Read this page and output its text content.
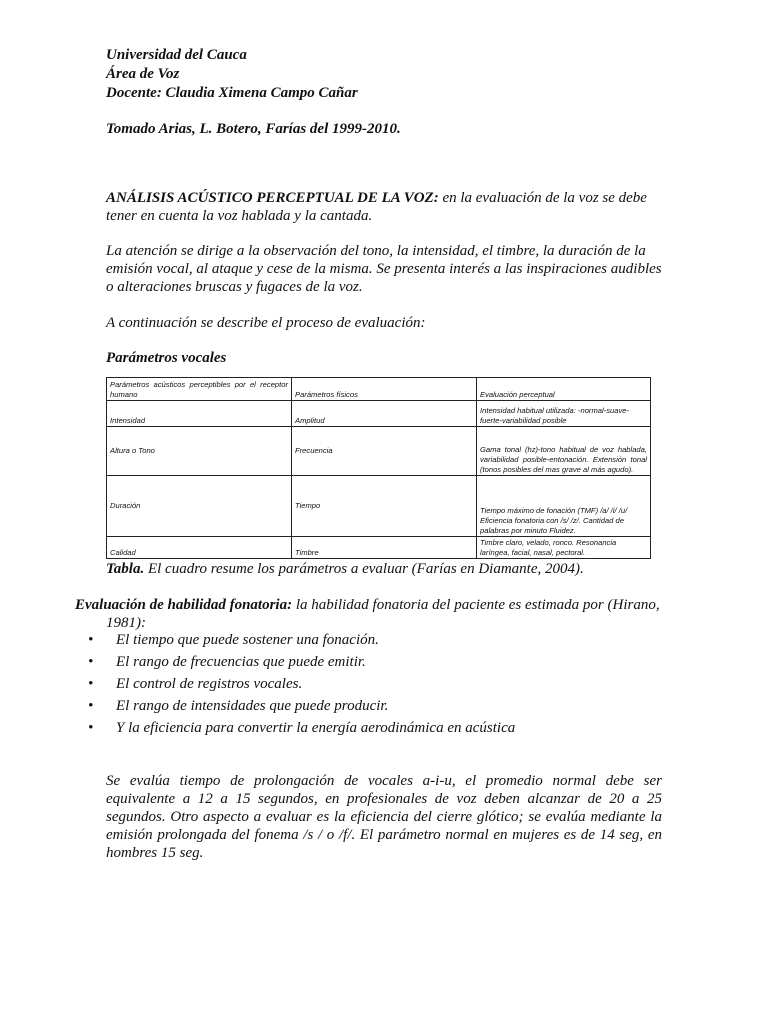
Universidad del Cauca
Área de Voz
Docente: Claudia Ximena Campo Cañar
Tomado Arias, L. Botero, Farías del 1999-2010.
ANÁLISIS ACÚSTICO PERCEPTUAL DE LA VOZ: en la evaluación de la voz se debe tener en cuenta la voz hablada y la cantada.
La atención se dirige a la observación del tono, la intensidad, el timbre, la duración de la emisión vocal, al ataque y cese de la misma. Se presenta interés a las inspiraciones audibles o alteraciones bruscas y fugaces de la voz.
A continuación se describe el proceso de evaluación:
Parámetros vocales
Parámetros acústicos perceptibles por el receptor humano	Parámetros físicos	Evaluación perceptual
Intensidad	Amplitud	Intensidad habitual utilizada: -normal-suave-fuerte-variabilidad posible
Altura o Tono	Frecuencia	Gama tonal (hz)-tono habitual de voz hablada, variabilidad posible-entonación. Extensión tonal (tonos posibles del mas grave al más agudo).
Duración	Tiempo	Tiempo máximo de fonación (TMF) /a/ /i/ /u/ Eficiencia fonatoria con /s/ /z/. Cantidad de palabras por minuto Fluidez.
Calidad	Timbre	Timbre claro, velado, ronco. Resonancia laríngea, facial, nasal, pectoral.
Tabla. El cuadro resume los parámetros a evaluar (Farías en Diamante, 2004).
Evaluación de habilidad fonatoria: la habilidad fonatoria del paciente es estimada por (Hirano,
1981):
• El tiempo que puede sostener una fonación.
• El rango de frecuencias que puede emitir.
• El control de registros vocales.
• El rango de intensidades que puede producir.
• Y la eficiencia para convertir la energía aerodinámica en acústica
Se evalúa tiempo de prolongación de vocales a-i-u, el promedio normal debe ser equivalente a 12 a 15 segundos, en profesionales de voz deben alcanzar de 20 a 25 segundos. Otro aspecto a evaluar es la eficiencia del cierre glótico; se evalúa mediante la emisión prolongada del fonema /s / o /f/. El parámetro normal en mujeres es de 14 seg, en hombres 15 seg.
